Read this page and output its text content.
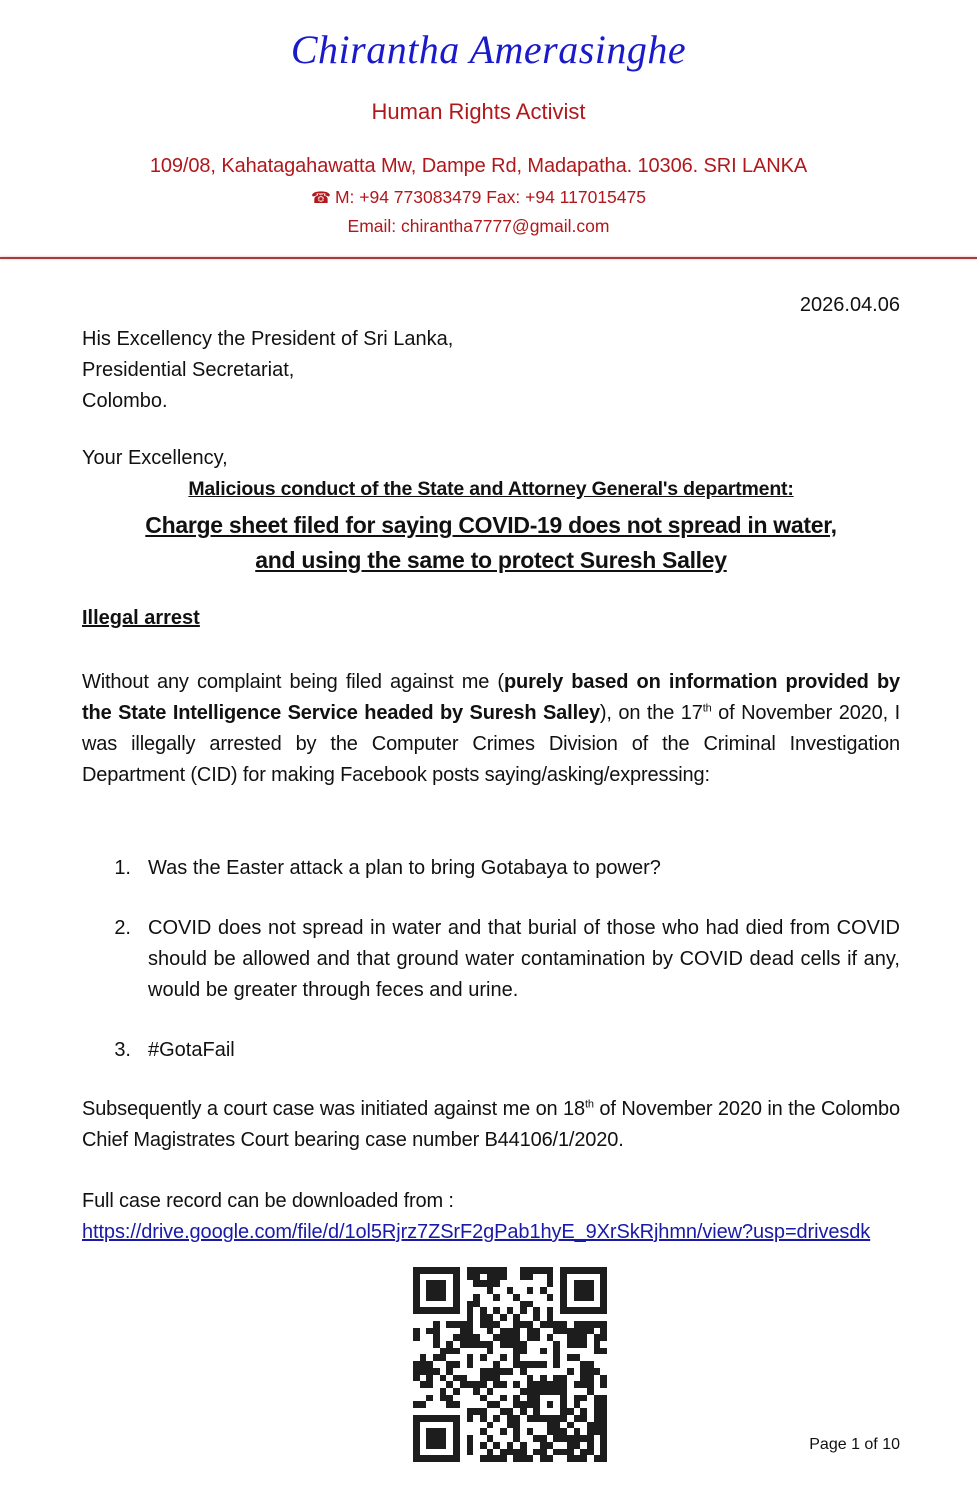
Chirantha Amerasinghe
Human Rights Activist
109/08, Kahatagahawatta Mw, Dampe Rd, Madapatha. 10306. SRI LANKA
☎ M: +94 773083479 Fax: +94 117015475
Email: chirantha7777@gmail.com
2026.04.06
His Excellency the President of Sri Lanka,
Presidential Secretariat,
Colombo.
Your Excellency,
Malicious conduct of the State and Attorney General's department:
Charge sheet filed for saying COVID-19 does not spread in water,
and using the same to protect Suresh Salley
Illegal arrest
Without any complaint being filed against me (purely based on information provided by the State Intelligence Service headed by Suresh Salley), on the 17th of November 2020, I was illegally arrested by the Computer Crimes Division of the Criminal Investigation Department (CID) for making Facebook posts saying/asking/expressing:
1. Was the Easter attack a plan to bring Gotabaya to power?
2. COVID does not spread in water and that burial of those who had died from COVID should be allowed and that ground water contamination by COVID dead cells if any, would be greater through feces and urine.
3. #GotaFail
Subsequently a court case was initiated against me on 18th of November 2020 in the Colombo Chief Magistrates Court bearing case number B44106/1/2020.
Full case record can be downloaded from :
https://drive.google.com/file/d/1ol5Rjrz7ZSrF2gPab1hyE_9XrSkRjhmn/view?usp=drivesdk
Page 1 of 10
